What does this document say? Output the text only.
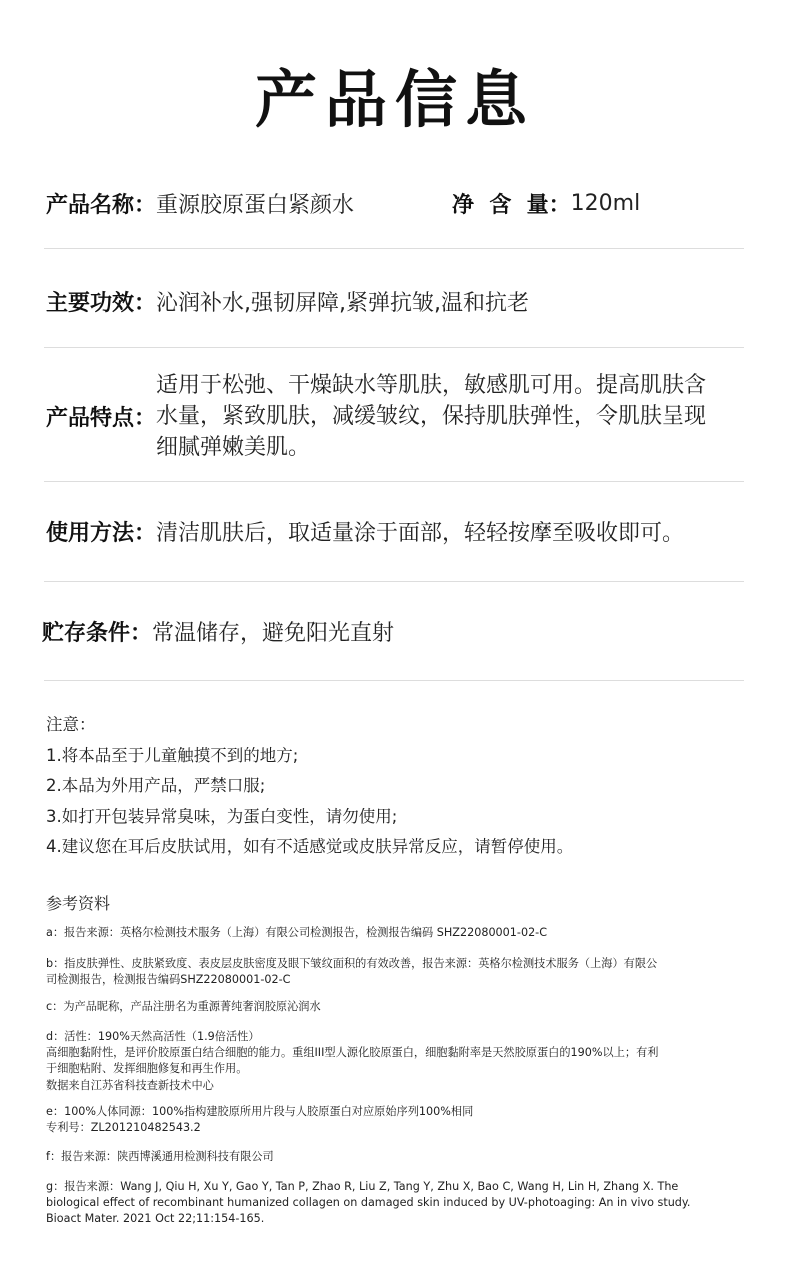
产品信息
产品名称： 重源胶原蛋白紧颜水	净  含  量： 120ml
主要功效： 沁润补水,强韧屏障,紧弹抗皱,温和抗老
产品特点：
适用于松弛、干燥缺水等肌肤，敏感肌可用。提高肌肤含
水量，紧致肌肤，减缓皱纹，保持肌肤弹性，令肌肤呈现
细腻弹嫩美肌。
使用方法： 清洁肌肤后，取适量涂于面部，轻轻按摩至吸收即可。
贮存条件： 常温储存，避免阳光直射
注意：
1.将本品至于儿童触摸不到的地方;
2.本品为外用产品，严禁口服;
3.如打开包装异常臭味，为蛋白变性，请勿使用;
4.建议您在耳后皮肤试用，如有不适感觉或皮肤异常反应，请暂停使用。
参考资料
a：报告来源：英格尔检测技术服务（上海）有限公司检测报告，检测报告编码 SHZ22080001-02-C
b：指皮肤弹性、皮肤紧致度、表皮层皮肤密度及眼下皱纹面积的有效改善，报告来源：英格尔检测技术服务（上海）有限公
司检测报告，检测报告编码SHZ22080001-02-C
c：为产品昵称，产品注册名为重源菁纯奢润胶原沁润水
d：活性：190%天然高活性（1.9倍活性）
高细胞黏附性，是评价胶原蛋白结合细胞的能力。重组III型人源化胶原蛋白，细胞黏附率是天然胶原蛋白的190%以上；有利
于细胞粘附、发挥细胞修复和再生作用。
数据来自江苏省科技查新技术中心
e：100%人体同源：100%指构建胶原所用片段与人胶原蛋白对应原始序列100%相同
专利号：ZL201210482543.2
f：报告来源：陕西博溪通用检测科技有限公司
g：报告来源：Wang J, Qiu H, Xu Y, Gao Y, Tan P, Zhao R, Liu Z, Tang Y, Zhu X, Bao C, Wang H, Lin H, Zhang X. The
biological effect of recombinant humanized collagen on damaged skin induced by UV-photoaging: An in vivo study.
Bioact Mater. 2021 Oct 22;11:154-165.
